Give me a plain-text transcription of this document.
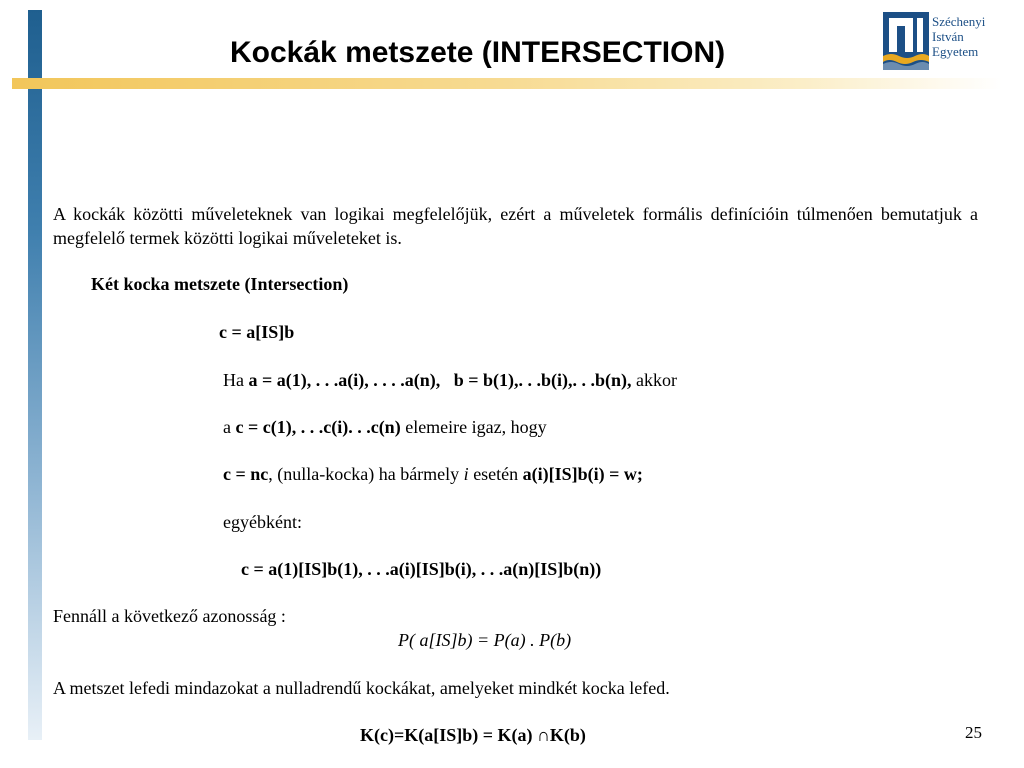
Kockák metszete (INTERSECTION)
Széchenyi
István
Egyetem
A kockák közötti műveleteknek van logikai megfelelőjük, ezért a műveletek formális definícióin túlmenően bemutatjuk a megfelelő termek közötti logikai műveleteket is.
Két kocka metszete (Intersection)
c = a[IS]b
Ha a = a(1), . . .a(i), . . . .a(n), b = b(1),. . .b(i),. . .b(n), akkor
a c = c(1), . . .c(i). . .c(n) elemeire igaz, hogy
c = nc, (nulla-kocka) ha bármely i esetén a(i)[IS]b(i) = w;
egyébként:
c = a(1)[IS]b(1), . . .a(i)[IS]b(i), . . .a(n)[IS]b(n))
Fennáll a következő azonosság :
P( a[IS]b) = P(a) . P(b)
A metszet lefedi mindazokat a nulladrendű kockákat, amelyeket mindkét kocka lefed.
K(c)=K(a[IS]b) = K(a) ∩K(b)	25
